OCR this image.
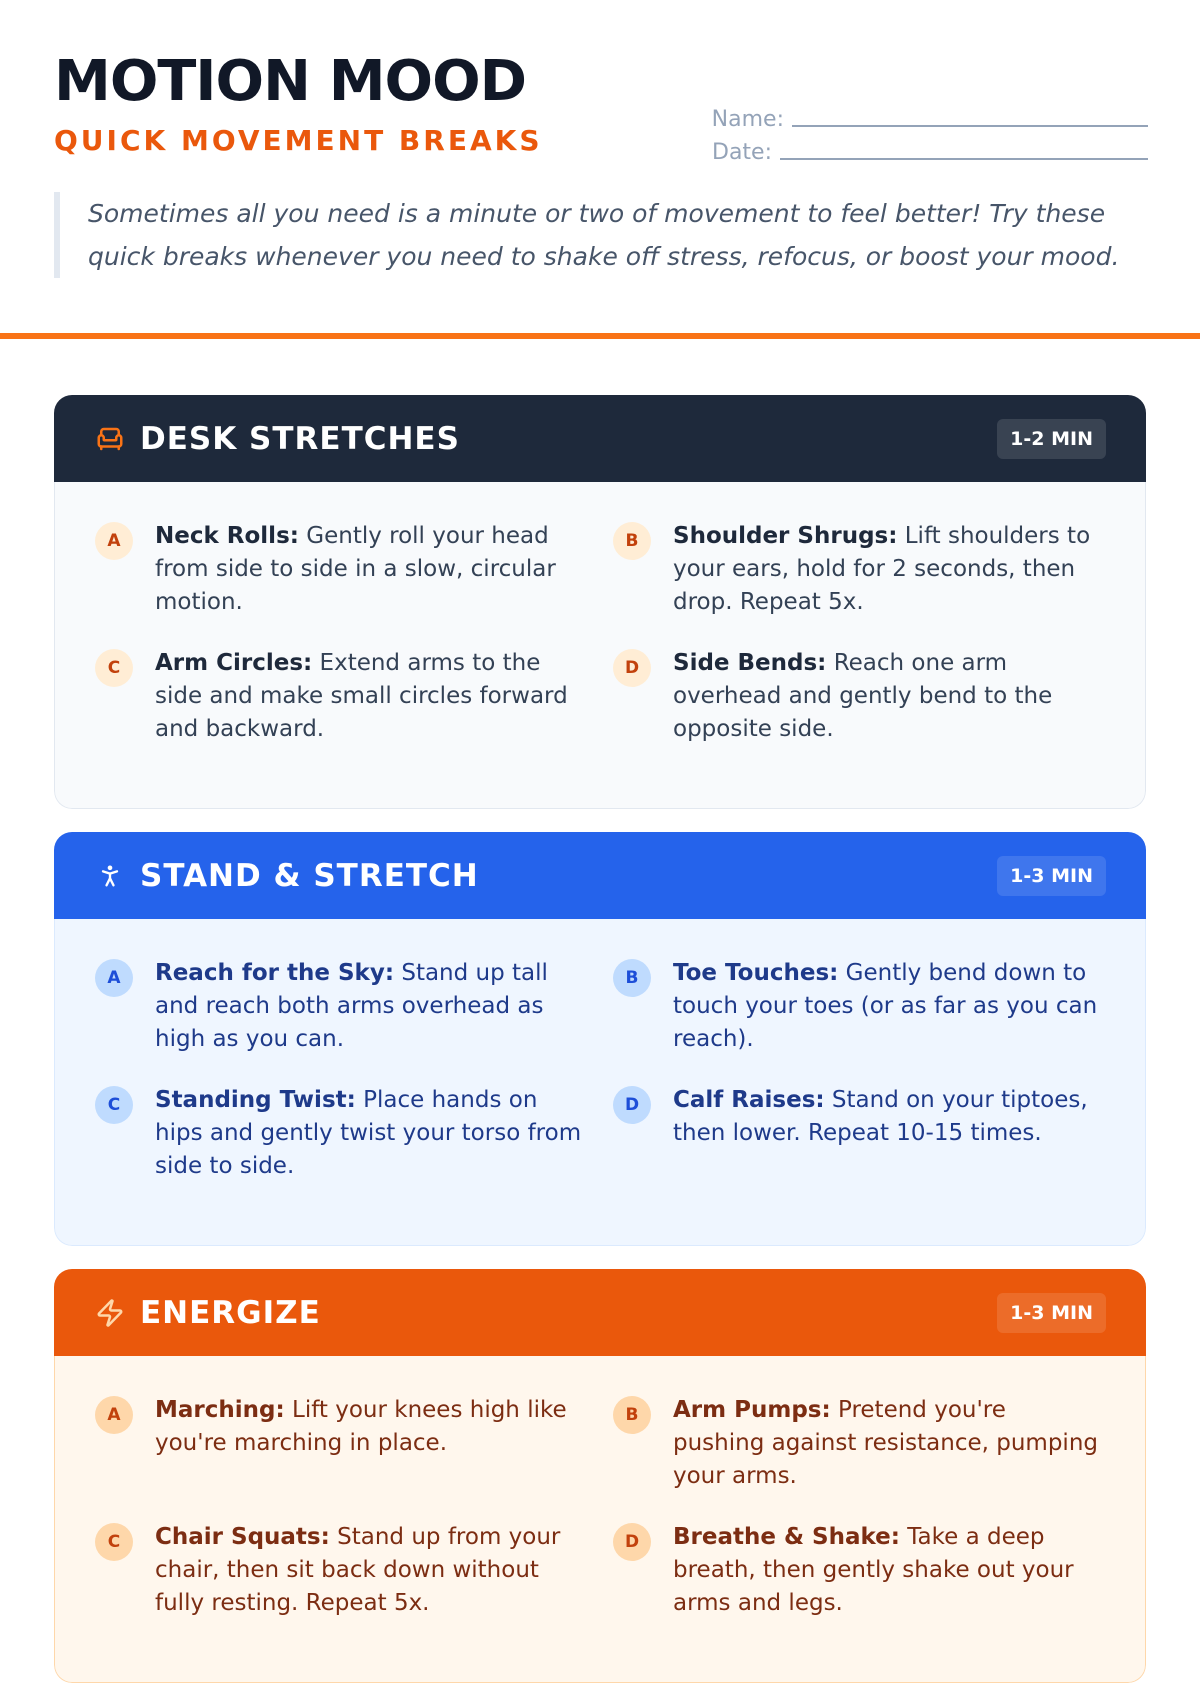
MOTION MOOD
QUICK MOVEMENT BREAKS
Name:
Date:

Sometimes all you need is a minute or two of movement to feel better! Try these quick breaks whenever you need to shake off stress, refocus, or boost your mood.

DESK STRETCHES	1-2 MIN
A	Neck Rolls: Gently roll your head from side to side in a slow, circular motion.
B	Shoulder Shrugs: Lift shoulders to your ears, hold for 2 seconds, then drop. Repeat 5x.
C	Arm Circles: Extend arms to the side and make small circles forward and backward.
D	Side Bends: Reach one arm overhead and gently bend to the opposite side.
STAND & STRETCH	1-3 MIN
A	Reach for the Sky: Stand up tall and reach both arms overhead as high as you can.
B	Toe Touches: Gently bend down to touch your toes (or as far as you can reach).
C	Standing Twist: Place hands on hips and gently twist your torso from side to side.
D	Calf Raises: Stand on your tiptoes, then lower. Repeat 10-15 times.
ENERGIZE	1-3 MIN
A	Marching: Lift your knees high like you're marching in place.
B	Arm Pumps: Pretend you're pushing against resistance, pumping your arms.
C	Chair Squats: Stand up from your chair, then sit back down without fully resting. Repeat 5x.
D	Breathe & Shake: Take a deep breath, then gently shake out your arms and legs.
